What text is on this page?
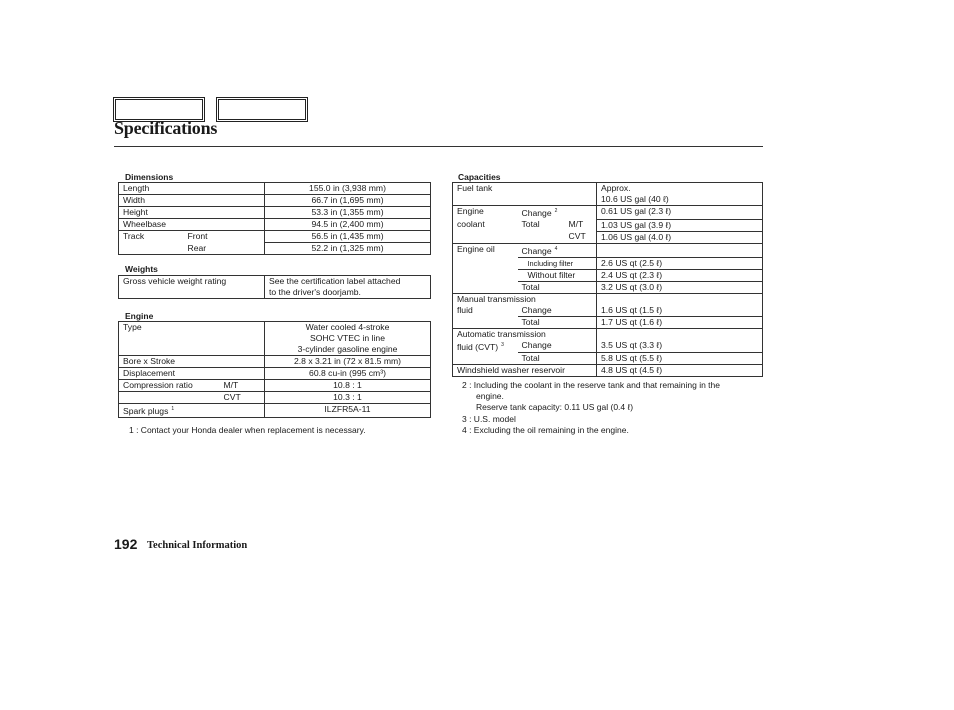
Specifications
Dimensions
Length		155.0 in (3,938 mm)
Width		66.7 in (1,695 mm)
Height		53.3 in (1,355 mm)
Wheelbase		94.5 in (2,400 mm)
Track	Front	56.5 in (1,435 mm)
	Rear	52.2 in (1,325 mm)
Weights
Gross vehicle weight rating	See the certification label attached
to the driver's doorjamb.
Engine
Type		Water cooled 4-stroke
SOHC VTEC in line
3-cylinder gasoline engine

Bore x Stroke		2.8 x 3.21 in (72 x 81.5 mm)
Displacement		60.8 cu-in (995 cm³)
Compression ratio	M/T	10.8 : 1
	CVT	10.3 : 1
Spark plugs $^1$		ILZFR5A-11
1 : Contact your Honda dealer when replacement is necessary.
Capacities
Fuel tank			Approx.
10.6 US gal (40 ℓ)

Engine	Change $^2$		0.61 US gal (2.3 ℓ)
coolant	Total	M/T	1.03 US gal (3.9 ℓ)
		CVT	1.06 US gal (4.0 ℓ)
Engine oil	Change $^4$	
	Including filter		2.6 US qt (2.5 ℓ)
	Without filter		2.4 US qt (2.3 ℓ)
	Total		3.2 US qt (3.0 ℓ)
Manual transmission			
fluid	Change		1.6 US qt (1.5 ℓ)
	Total		1.7 US qt (1.6 ℓ)
Automatic transmission			
fluid (CVT) $^3$	Change		3.5 US qt (3.3 ℓ)
	Total		5.8 US qt (5.5 ℓ)
Windshield washer reservoir			4.8 US qt (4.5 ℓ)
2 : Including the coolant in the reserve tank and that remaining in the
engine.
Reserve tank capacity: 0.11 US gal (0.4 ℓ)
3 : U.S. model
4 : Excluding the oil remaining in the engine.
192 Technical Information
